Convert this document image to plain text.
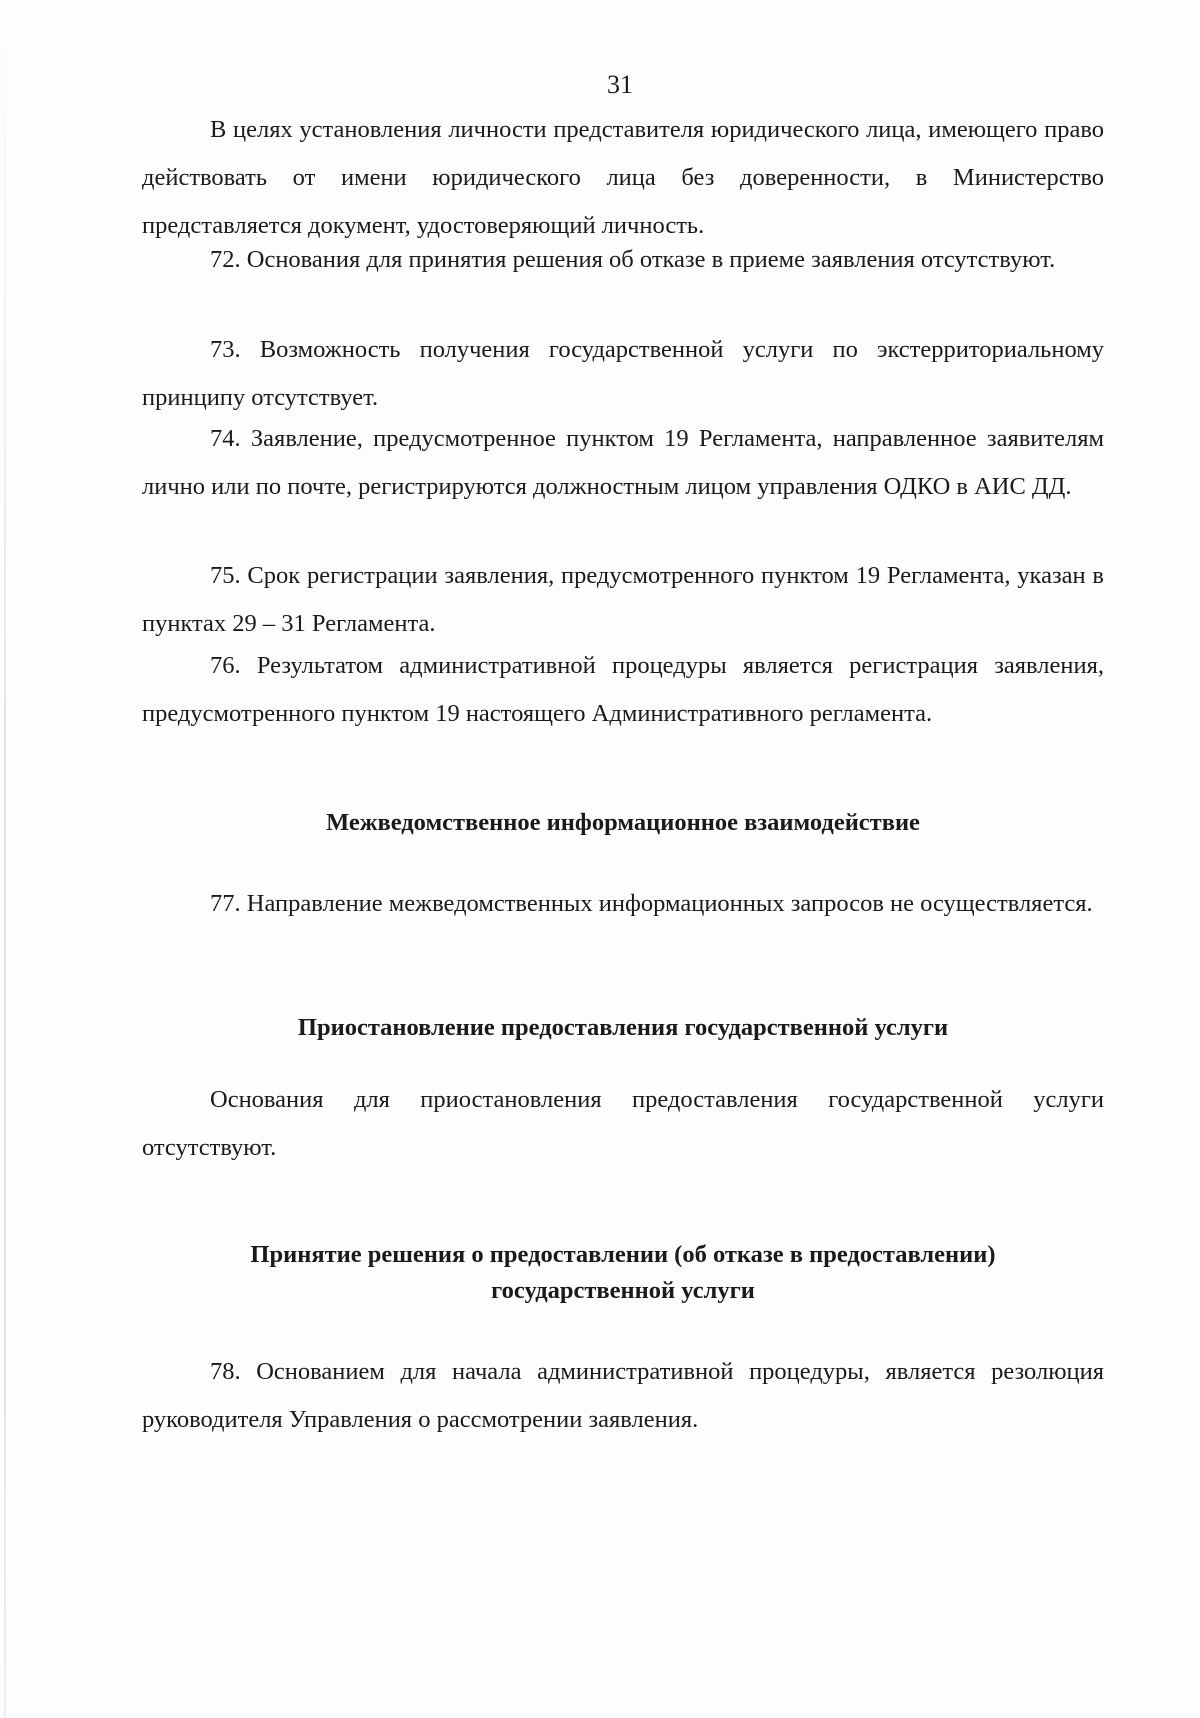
31

В целях установления личности представителя юридического лица, имеющего право действовать от имени юридического лица без доверенности, в Министерство представляется документ, удостоверяющий личность.

72. Основания для принятия решения об отказе в приеме заявления отсутствуют.

73. Возможность получения государственной услуги по экстерриториальному принципу отсутствует.

74. Заявление, предусмотренное пунктом 19 Регламента, направленное заявителям лично или по почте, регистрируются должностным лицом управления ОДКО в АИС ДД.

75. Срок регистрации заявления, предусмотренного пунктом 19 Регламента, указан в пунктах 29 – 31 Регламента.

76. Результатом административной процедуры является регистрация заявления, предусмотренного пунктом 19 настоящего Административного регламента.

Межведомственное информационное взаимодействие

77. Направление межведомственных информационных запросов не осуществляется.

Приостановление предоставления государственной услуги

Основания для приостановления предоставления государственной услуги отсутствуют.

Принятие решения о предоставлении (об отказе в предоставлении)
государственной услуги

78. Основанием для начала административной процедуры, является резолюция руководителя Управления о рассмотрении заявления.
